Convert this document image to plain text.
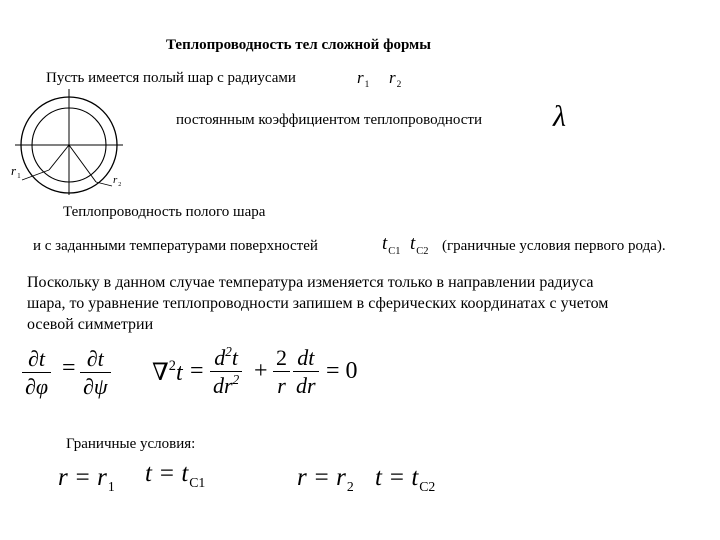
Теплопроводность тел сложной формы
Пусть имеется полый шар с радиусами	$r_1$ $r_2$
постоянным коэффициентом теплопроводности λ
$r_1$	$r_2$
Теплопроводность полого шара
и с заданными температурами поверхностей	$t_{C1}$ $t_{C2}$ (граничные условия первого рода).
Поскольку в данном случае температура изменяется только в направлении радиуса
шара, то уравнение теплопроводности запишем в сферических координатах с учетом
осевой симметрии
∂t
∂φ
= ∂t
∂ψ
∇$^2$t =
$d^2t$
$dr^2$ +
2
r
dt
dr
= 0
Граничные условия:
$r = r_1$ $t = t_{C1}$	$r = r_2$ $t = t_{C2}$
